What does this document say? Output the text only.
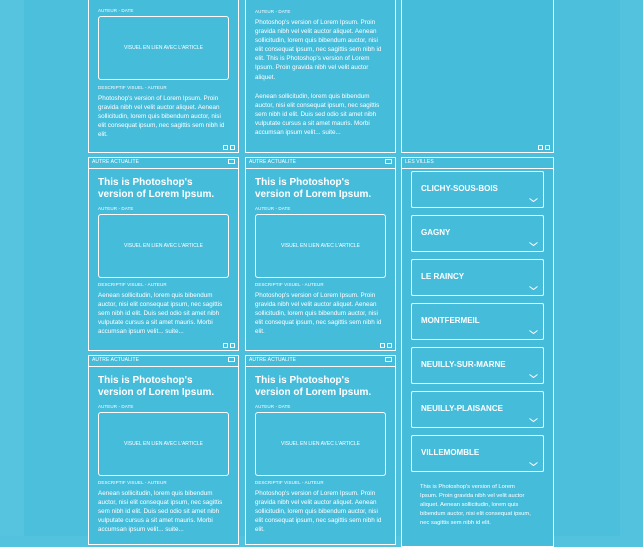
AUTEUR - DATE
VISUEL EN LIEN AVEC L'ARTICLE
DESCRIPTIF VISUEL - AUTEUR
Photoshop's version of Lorem Ipsum. Proin gravida nibh vel velit auctor aliquet. Aenean sollicitudin, lorem quis bibendum auctor, nisi elit consequat ipsum, nec sagittis sem nibh id elit.
AUTRE ACTUALITE
This is Photoshop's version of Lorem Ipsum.
AUTEUR - DATE
VISUEL EN LIEN AVEC L'ARTICLE
DESCRIPTIF VISUEL - AUTEUR
Aenean sollicitudin, lorem quis bibendum auctor, nisi elit consequat ipsum, nec sagittis sem nibh id elit. Duis sed odio sit amet nibh vulputate cursus a sit amet mauris. Morbi accumsan ipsum velit... suite...
AUTRE ACTUALITE
This is Photoshop's version of Lorem Ipsum.
AUTEUR - DATE
VISUEL EN LIEN AVEC L'ARTICLE
DESCRIPTIF VISUEL - AUTEUR
Aenean sollicitudin, lorem quis bibendum auctor, nisi elit consequat ipsum, nec sagittis sem nibh id elit. Duis sed odio sit amet nibh vulputate cursus a sit amet mauris. Morbi accumsan ipsum velit... suite...
AUTEUR - DATE
Photoshop's version of Lorem Ipsum. Proin gravida nibh vel velit auctor aliquet. Aenean sollicitudin, lorem quis bibendum auctor, nisi elit consequat ipsum, nec sagittis sem nibh id elit. This is Photoshop's version of Lorem Ipsum. Proin gravida nibh vel velit auctor aliquet.
Aenean sollicitudin, lorem quis bibendum auctor, nisi elit consequat ipsum, nec sagittis sem nibh id elit. Duis sed odio sit amet nibh vulputate cursus a sit amet mauris. Morbi accumsan ipsum velit... suite...
AUTRE ACTUALITE
This is Photoshop's version of Lorem Ipsum.
AUTEUR - DATE
VISUEL EN LIEN AVEC L'ARTICLE
DESCRIPTIF VISUEL - AUTEUR
Photoshop's version of Lorem Ipsum. Proin gravida nibh vel velit auctor aliquet. Aenean sollicitudin, lorem quis bibendum auctor, nisi elit consequat ipsum, nec sagittis sem nibh id elit.
AUTRE ACTUALITE
This is Photoshop's version of Lorem Ipsum.
AUTEUR - DATE
VISUEL EN LIEN AVEC L'ARTICLE
DESCRIPTIF VISUEL - AUTEUR
Photoshop's version of Lorem Ipsum. Proin gravida nibh vel velit auctor aliquet. Aenean sollicitudin, lorem quis bibendum auctor, nisi elit consequat ipsum, nec sagittis sem nibh id elit.
LES VILLES
CLICHY-SOUS-BOIS
GAGNY
LE RAINCY
MONTFERMEIL
NEUILLY-SUR-MARNE
NEUILLY-PLAISANCE
VILLEMOMBLE
This is Photoshop's version of Lorem Ipsum. Proin gravida nibh vel velit auctor aliquet. Aenean sollicitudin, lorem quis bibendum auctor, nisi elit consequat ipsum, nec sagittis sem nibh id elit.
